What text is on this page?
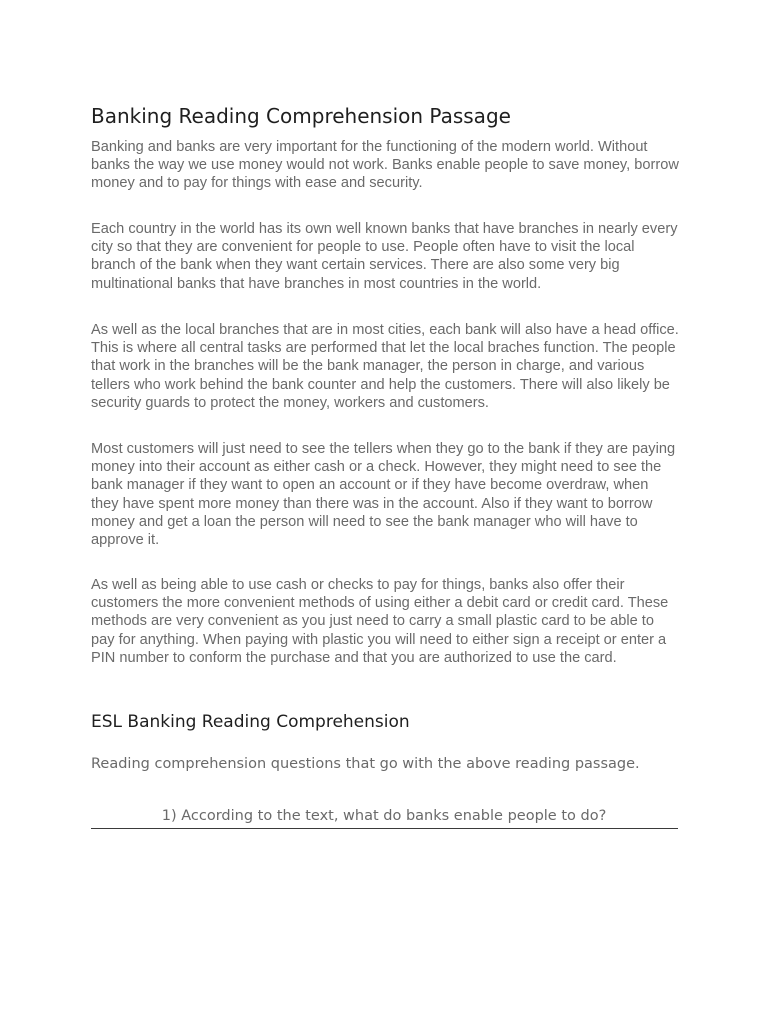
Banking Reading Comprehension Passage

Banking and banks are very important for the functioning of the modern world. Without banks the way we use money would not work. Banks enable people to save money, borrow money and to pay for things with ease and security.

Each country in the world has its own well known banks that have branches in nearly every city so that they are convenient for people to use. People often have to visit the local branch of the bank when they want certain services. There are also some very big multinational banks that have branches in most countries in the world.

As well as the local branches that are in most cities, each bank will also have a head office. This is where all central tasks are performed that let the local braches function. The people that work in the branches will be the bank manager, the person in charge, and various tellers who work behind the bank counter and help the customers. There will also likely be security guards to protect the money, workers and customers.

Most customers will just need to see the tellers when they go to the bank if they are paying money into their account as either cash or a check. However, they might need to see the bank manager if they want to open an account or if they have become overdraw, when they have spent more money than there was in the account. Also if they want to borrow money and get a loan the person will need to see the bank manager who will have to approve it.

As well as being able to use cash or checks to pay for things, banks also offer their customers the more convenient methods of using either a debit card or credit card. These methods are very convenient as you just need to carry a small plastic card to be able to pay for anything. When paying with plastic you will need to either sign a receipt or enter a PIN number to conform the purchase and that you are authorized to use the card.

ESL Banking Reading Comprehension

Reading comprehension questions that go with the above reading passage.

1) According to the text, what do banks enable people to do?
